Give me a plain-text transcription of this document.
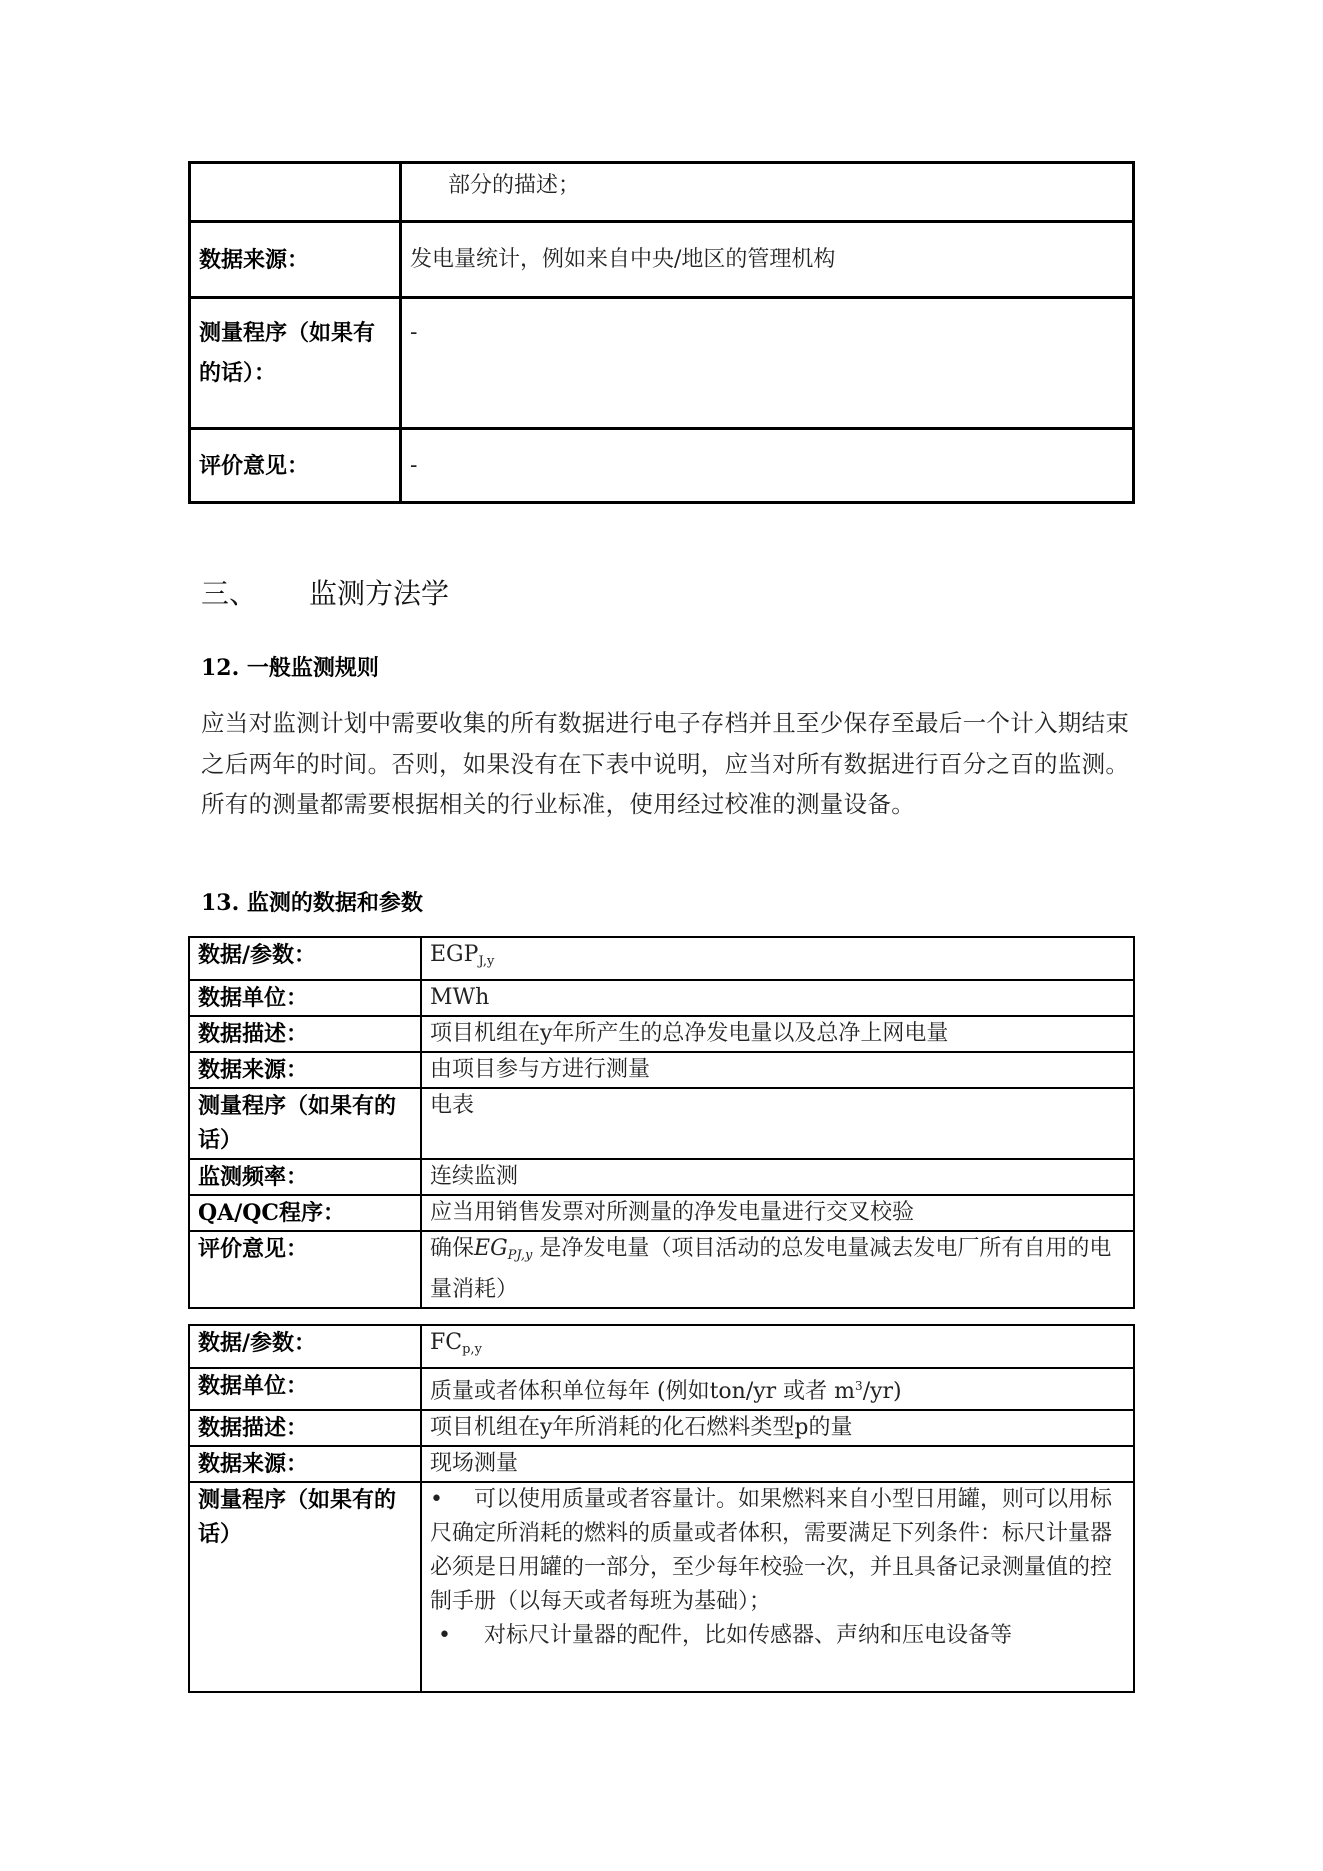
	部分的描述；
数据来源：	发电量统计，例如来自中央/地区的管理机构
测量程序（如果有的话）：	-
评价意见：	-
三、 监测方法学
12. 一般监测规则
应当对监测计划中需要收集的所有数据进行电子存档并且至少保存至最后一个计入期结束之后两年的时间。否则，如果没有在下表中说明，应当对所有数据进行百分之百的监测。所有的测量都需要根据相关的行业标准，使用经过校准的测量设备。
13. 监测的数据和参数
数据/参数：	$EGP_{J,y}$
数据单位：	MWh
数据描述：	项目机组在y年所产生的总净发电量以及总净上网电量
数据来源：	由项目参与方进行测量
测量程序（如果有的话）	电表
监测频率：	连续监测
QA/QC程序：	应当用销售发票对所测量的净发电量进行交叉校验
评价意见：	确保$EG_{PJ,y}$ 是净发电量（项目活动的总发电量减去发电厂所有自用的电量消耗）
数据/参数：	$FC_{p,y}$
数据单位：	质量或者体积单位每年 (例如ton/yr 或者 $m^3/yr$)
数据描述：	项目机组在y年所消耗的化石燃料类型p的量
数据来源：	现场测量
测量程序（如果有的话）	• 可以使用质量或者容量计。如果燃料来自小型日用罐，则可以用标尺确定所消耗的燃料的质量或者体积，需要满足下列条件：标尺计量器必须是日用罐的一部分，至少每年校验一次，并且具备记录测量值的控制手册（以每天或者每班为基础）；
• 对标尺计量器的配件，比如传感器、声纳和压电设备等
